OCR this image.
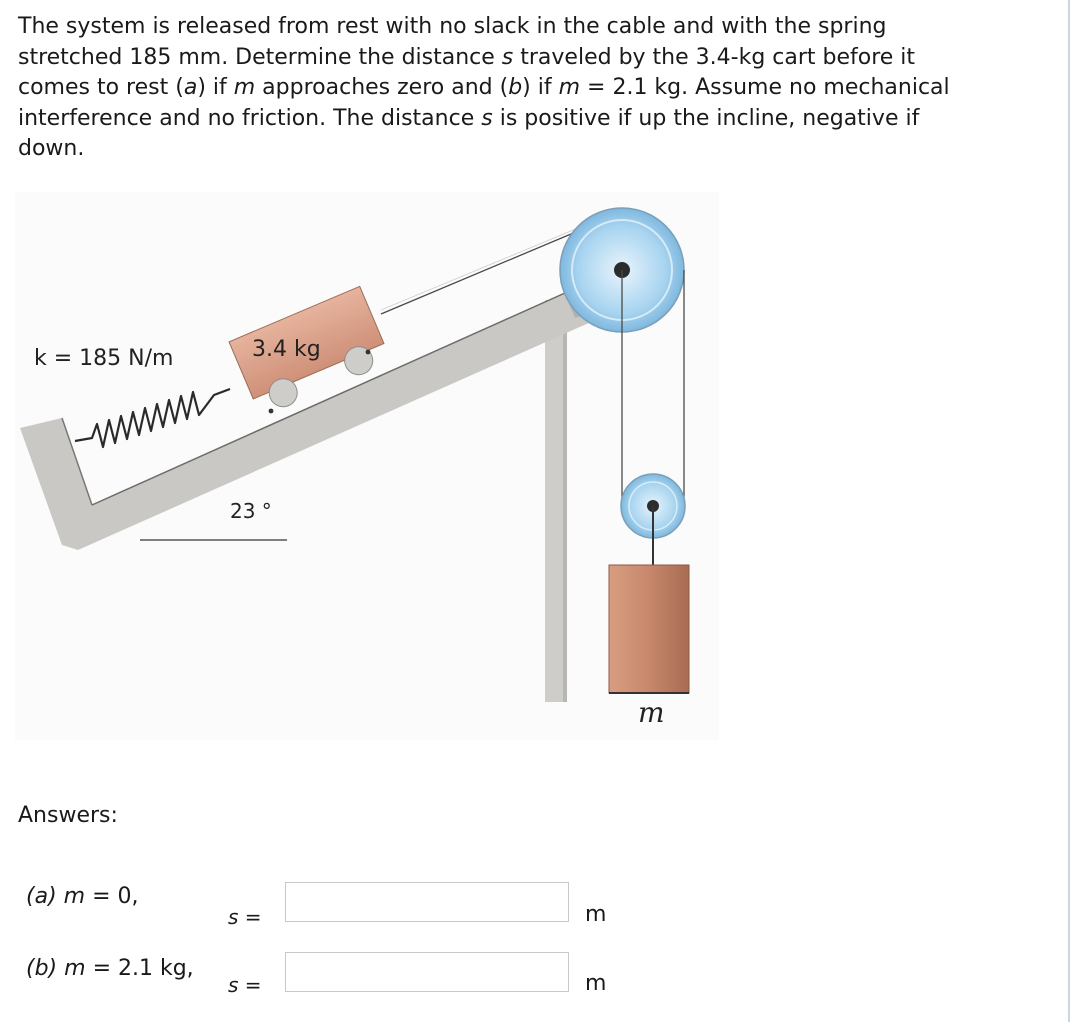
The system is released from rest with no slack in the cable and with the spring
stretched 185 mm. Determine the distance s traveled by the 3.4-kg cart before it
comes to rest (a) if m approaches zero and (b) if m = 2.1 kg. Assume no mechanical
interference and no friction. The distance s is positive if up the incline, negative if
down.
k = 185 N/m	3.4 kg
23 °
m
Answers:
(a) m = 0,
s =	m
(b) m = 2.1 kg,
s =	m
